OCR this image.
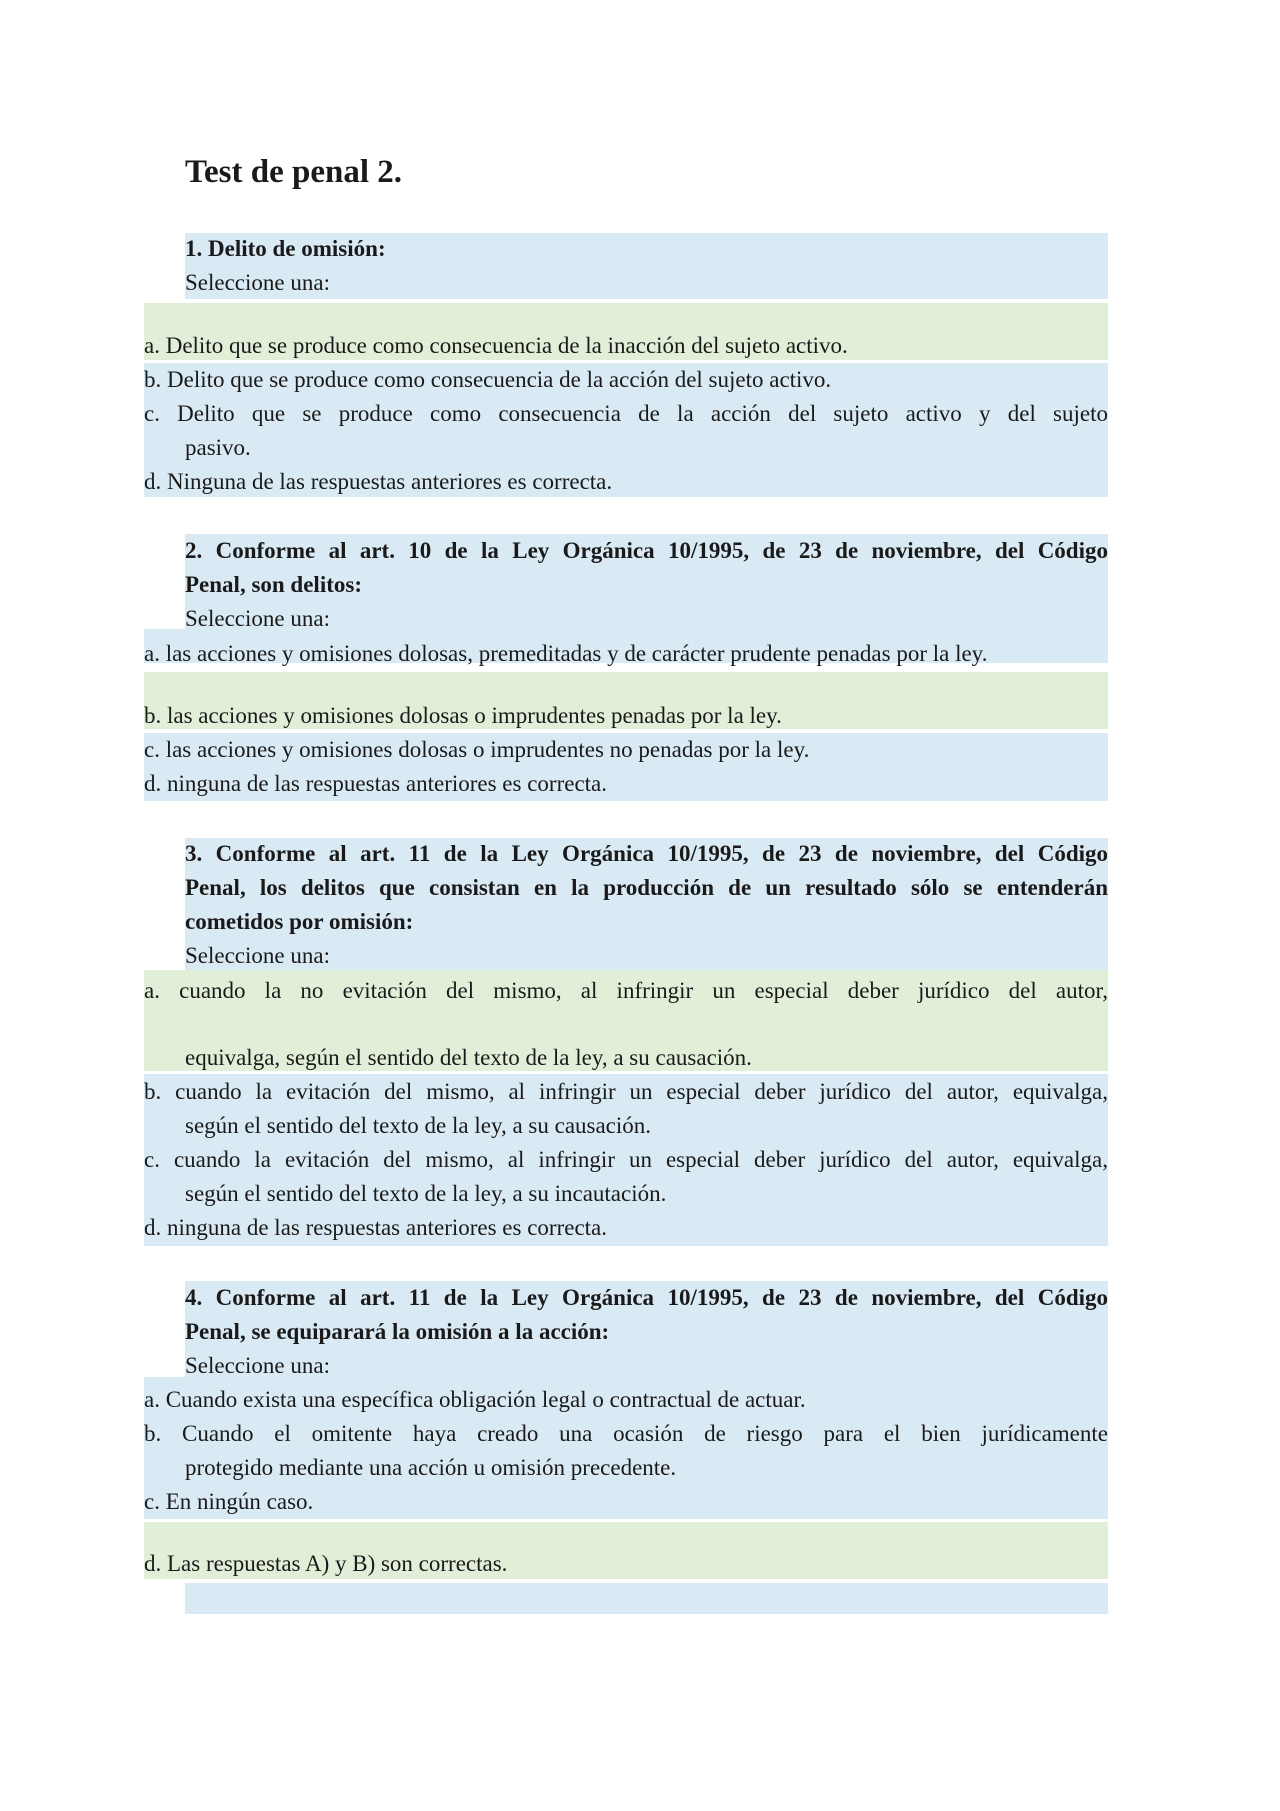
Test de penal 2.
1. Delito de omisión:
Seleccione una:
a. Delito que se produce como consecuencia de la inacción del sujeto activo.
b. Delito que se produce como consecuencia de la acción del sujeto activo.
c. Delito que se produce como consecuencia de la acción del sujeto activo y del sujeto
pasivo.
d. Ninguna de las respuestas anteriores es correcta.
2. Conforme al art. 10 de la Ley Orgánica 10/1995, de 23 de noviembre, del Código
Penal, son delitos:
Seleccione una:
a. las acciones y omisiones dolosas, premeditadas y de carácter prudente penadas por la ley.
b. las acciones y omisiones dolosas o imprudentes penadas por la ley.
c. las acciones y omisiones dolosas o imprudentes no penadas por la ley.
d. ninguna de las respuestas anteriores es correcta.
3. Conforme al art. 11 de la Ley Orgánica 10/1995, de 23 de noviembre, del Código
Penal, los delitos que consistan en la producción de un resultado sólo se entenderán
cometidos por omisión:
Seleccione una:
a. cuando la no evitación del mismo, al infringir un especial deber jurídico del autor,
equivalga, según el sentido del texto de la ley, a su causación.
b. cuando la evitación del mismo, al infringir un especial deber jurídico del autor, equivalga,
según el sentido del texto de la ley, a su causación.
c. cuando la evitación del mismo, al infringir un especial deber jurídico del autor, equivalga,
según el sentido del texto de la ley, a su incautación.
d. ninguna de las respuestas anteriores es correcta.
4. Conforme al art. 11 de la Ley Orgánica 10/1995, de 23 de noviembre, del Código
Penal, se equiparará la omisión a la acción:
Seleccione una:
a. Cuando exista una específica obligación legal o contractual de actuar.
b. Cuando el omitente haya creado una ocasión de riesgo para el bien jurídicamente
protegido mediante una acción u omisión precedente.
c. En ningún caso.
d. Las respuestas A) y B) son correctas.
